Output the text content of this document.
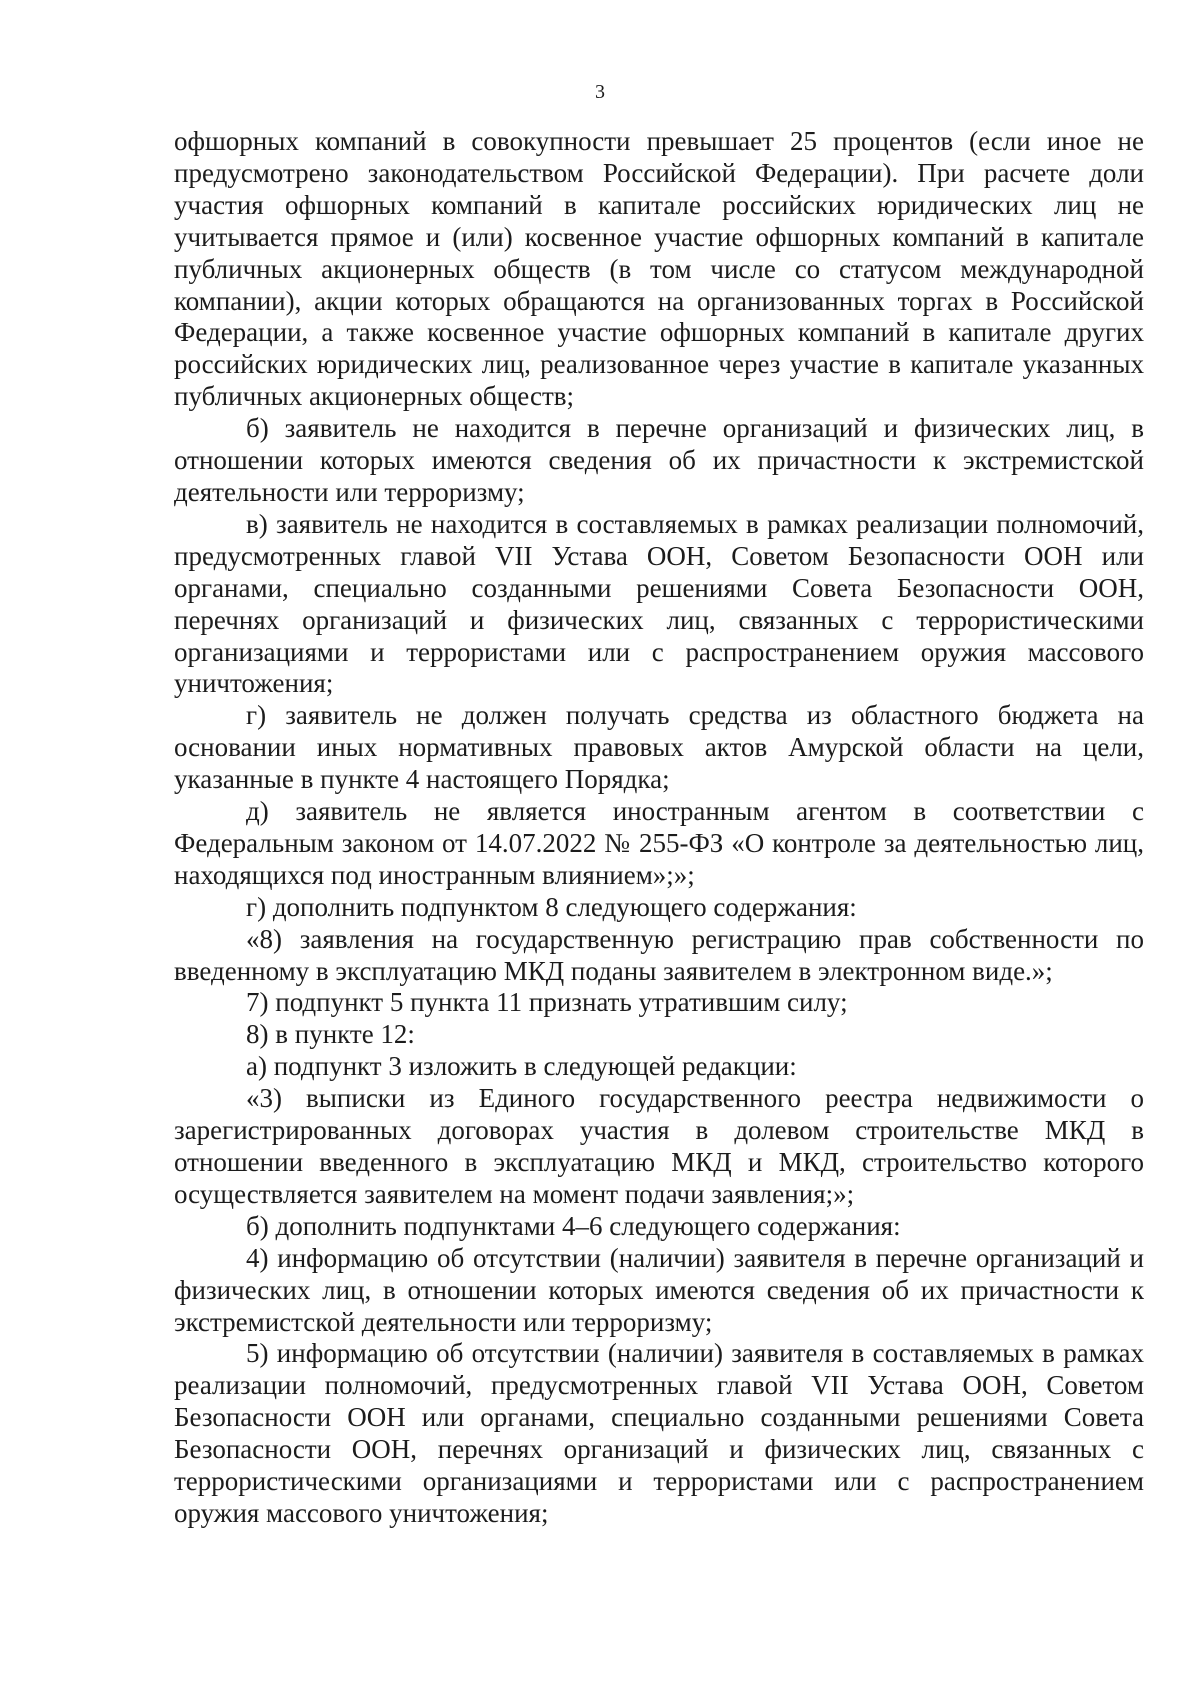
3

офшорных компаний в совокупности превышает 25 процентов (если иное не предусмотрено законодательством Российской Федерации). При расчете доли участия офшорных компаний в капитале российских юридических лиц не учитывается прямое и (или) косвенное участие офшорных компаний в капитале публичных акционерных обществ (в том числе со статусом международной компании), акции которых обращаются на организованных торгах в Российской Федерации, а также косвенное участие офшорных компаний в капитале других российских юридических лиц, реализованное через участие в капитале указанных публичных акционерных обществ;

б) заявитель не находится в перечне организаций и физических лиц, в отношении которых имеются сведения об их причастности к экстремистской деятельности или терроризму;

в) заявитель не находится в составляемых в рамках реализации полномочий, предусмотренных главой VII Устава ООН, Советом Безопасности ООН или органами, специально созданными решениями Совета Безопасности ООН, перечнях организаций и физических лиц, связанных с террористическими организациями и террористами или с распространением оружия массового уничтожения;

г) заявитель не должен получать средства из областного бюджета на основании иных нормативных правовых актов Амурской области на цели, указанные в пункте 4 настоящего Порядка;

д) заявитель не является иностранным агентом в соответствии с Федеральным законом от 14.07.2022 № 255-ФЗ «О контроле за деятельностью лиц, находящихся под иностранным влиянием»;»;

г) дополнить подпунктом 8 следующего содержания:

«8) заявления на государственную регистрацию прав собственности по введенному в эксплуатацию МКД поданы заявителем в электронном виде.»;

7) подпункт 5 пункта 11 признать утратившим силу;

8) в пункте 12:

а) подпункт 3 изложить в следующей редакции:

«3) выписки из Единого государственного реестра недвижимости о зарегистрированных договорах участия в долевом строительстве МКД в отношении введенного в эксплуатацию МКД и МКД, строительство которого осуществляется заявителем на момент подачи заявления;»;

б) дополнить подпунктами 4–6 следующего содержания:

4) информацию об отсутствии (наличии) заявителя в перечне организаций и физических лиц, в отношении которых имеются сведения об их причастности к экстремистской деятельности или терроризму;

5) информацию об отсутствии (наличии) заявителя в составляемых в рамках реализации полномочий, предусмотренных главой VII Устава ООН, Советом Безопасности ООН или органами, специально созданными решениями Совета Безопасности ООН, перечнях организаций и физических лиц, связанных с террористическими организациями и террористами или с распространением оружия массового уничтожения;
